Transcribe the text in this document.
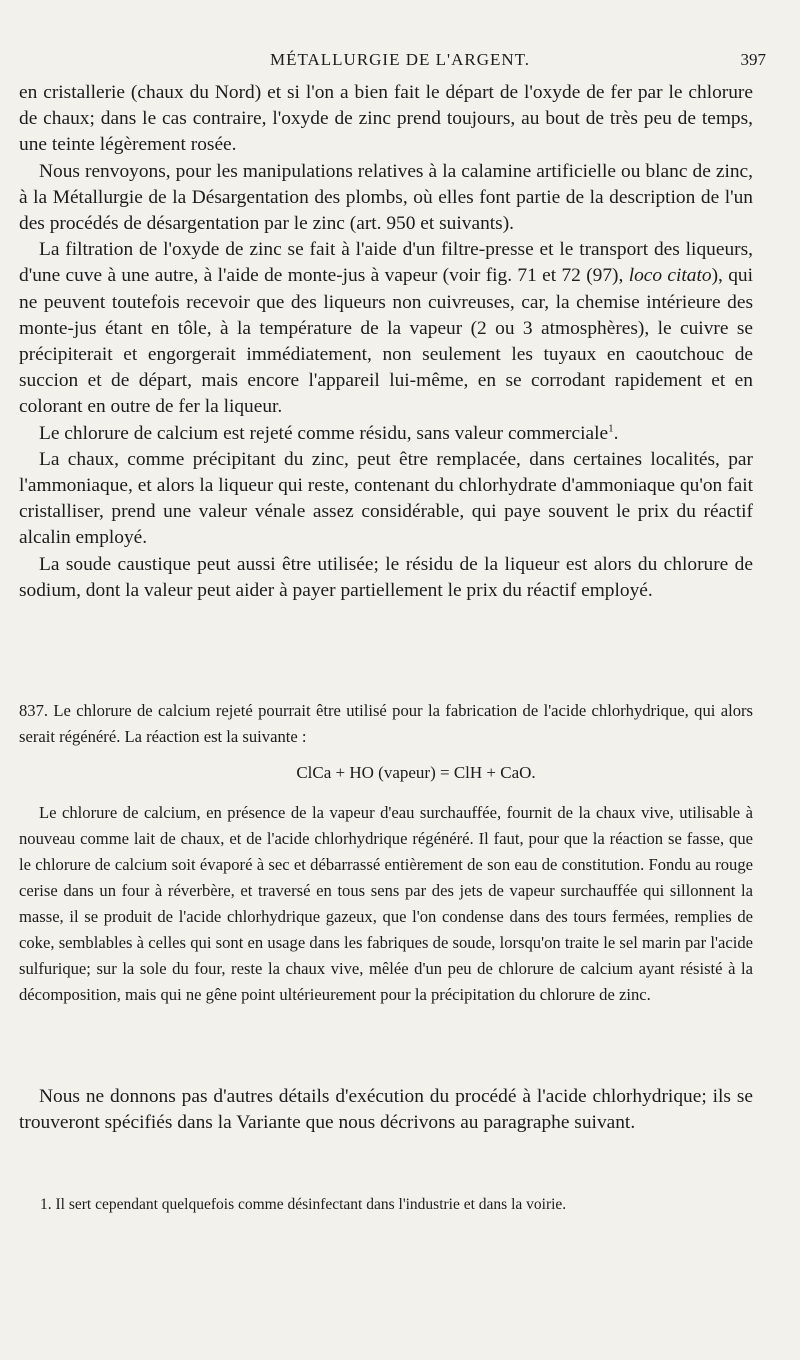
MÉTALLURGIE DE L'ARGENT.	397

en cristallerie (chaux du Nord) et si l'on a bien fait le départ de l'oxyde de fer par le chlorure de chaux; dans le cas contraire, l'oxyde de zinc prend toujours, au bout de très peu de temps, une teinte légèrement rosée.

Nous renvoyons, pour les manipulations relatives à la calamine artificielle ou blanc de zinc, à la Métallurgie de la Désargentation des plombs, où elles font partie de la description de l'un des procédés de désargentation par le zinc (art. 950 et suivants).

La filtration de l'oxyde de zinc se fait à l'aide d'un filtre-presse et le transport des liqueurs, d'une cuve à une autre, à l'aide de monte-jus à vapeur (voir fig. 71 et 72 (97), loco citato), qui ne peuvent toutefois recevoir que des liqueurs non cuivreuses, car, la chemise intérieure des monte-jus étant en tôle, à la température de la vapeur (2 ou 3 atmosphères), le cuivre se précipiterait et engorgerait immédiatement, non seulement les tuyaux en caoutchouc de succion et de départ, mais encore l'appareil lui-même, en se corrodant rapidement et en colorant en outre de fer la liqueur.

Le chlorure de calcium est rejeté comme résidu, sans valeur commerciale$^1$.

La chaux, comme précipitant du zinc, peut être remplacée, dans certaines localités, par l'ammoniaque, et alors la liqueur qui reste, contenant du chlorhydrate d'ammoniaque qu'on fait cristalliser, prend une valeur vénale assez considérable, qui paye souvent le prix du réactif alcalin employé.

La soude caustique peut aussi être utilisée; le résidu de la liqueur est alors du chlorure de sodium, dont la valeur peut aider à payer partiellement le prix du réactif employé.

837. Le chlorure de calcium rejeté pourrait être utilisé pour la fabrication de l'acide chlorhydrique, qui alors serait régénéré. La réaction est la suivante :

ClCa + HO (vapeur) = ClH + CaO.

Le chlorure de calcium, en présence de la vapeur d'eau surchauffée, fournit de la chaux vive, utilisable à nouveau comme lait de chaux, et de l'acide chlorhydrique régénéré. Il faut, pour que la réaction se fasse, que le chlorure de calcium soit évaporé à sec et débarrassé entièrement de son eau de constitution. Fondu au rouge cerise dans un four à réverbère, et traversé en tous sens par des jets de vapeur surchauffée qui sillonnent la masse, il se produit de l'acide chlorhydrique gazeux, que l'on condense dans des tours fermées, remplies de coke, semblables à celles qui sont en usage dans les fabriques de soude, lorsqu'on traite le sel marin par l'acide sulfurique; sur la sole du four, reste la chaux vive, mêlée d'un peu de chlorure de calcium ayant résisté à la décomposition, mais qui ne gêne point ultérieurement pour la précipitation du chlorure de zinc.

Nous ne donnons pas d'autres détails d'exécution du procédé à l'acide chlorhydrique; ils se trouveront spécifiés dans la Variante que nous décrivons au paragraphe suivant.

1. Il sert cependant quelquefois comme désinfectant dans l'industrie et dans la voirie.
